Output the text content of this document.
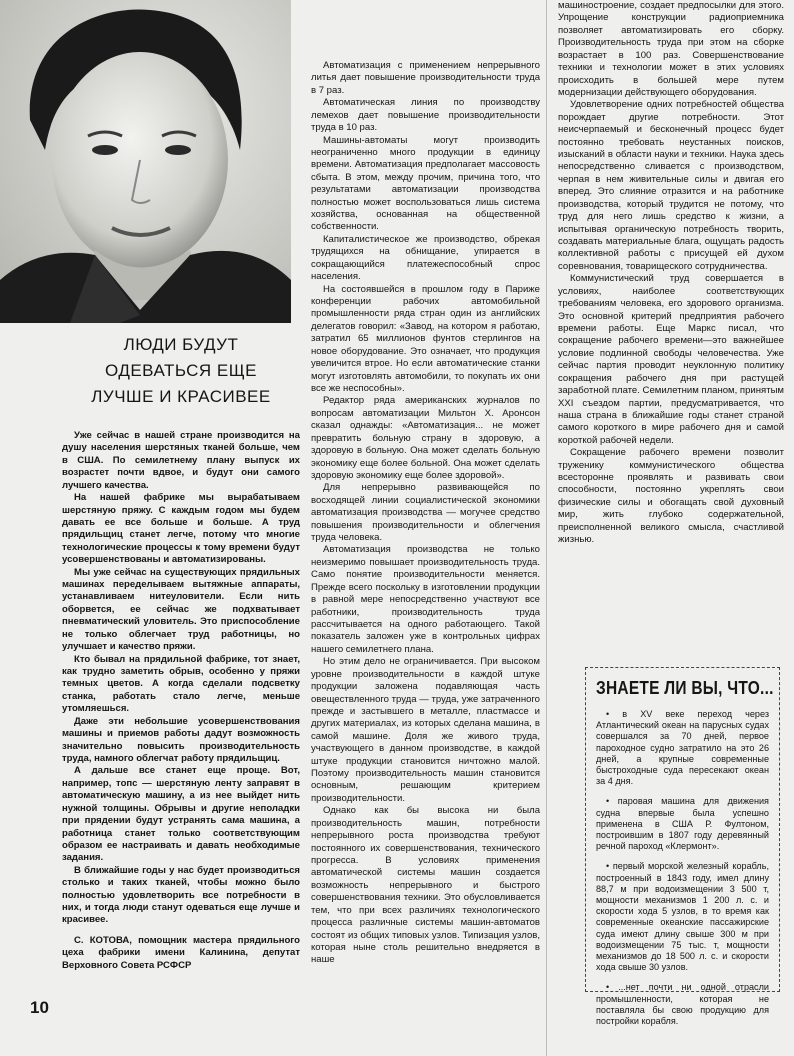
ЛЮДИ БУДУТ
ОДЕВАТЬСЯ ЕЩЕ
ЛУЧШЕ И КРАСИВЕЕ

Уже сейчас в нашей стране производится на душу населения шерстяных тканей больше, чем в США. По семилетнему плану выпуск их возрастет почти вдвое, и будут они самого лучшего качества.

На нашей фабрике мы вырабатываем шерстяную пряжу. С каждым годом мы будем давать ее все больше и больше. А труд прядильщиц станет легче, потому что многие технологические процессы к тому времени будут усовершенствованы и автоматизированы.

Мы уже сейчас на существующих прядильных машинах переделываем вытяжные аппараты, устанавливаем нитеуловители. Если нить оборвется, ее сейчас же подхватывает пневматический уловитель. Это приспособление не только облегчает труд работницы, но улучшает и качество пряжи.

Кто бывал на прядильной фабрике, тот знает, как трудно заметить обрыв, особенно у пряжи темных цветов. А когда сделали подсветку станка, работать стало легче, меньше утомляешься.

Даже эти небольшие усовершенствования машины и приемов работы дадут возможность значительно повысить производительность труда, намного облегчат работу прядильщиц.

А дальше все станет еще проще. Вот, например, топс — шерстяную ленту заправят в автоматическую машину, а из нее выйдет нить нужной толщины. Обрывы и другие неполадки при прядении будут устранять сама машина, а работница станет только соответствующим образом ее настраивать и давать необходимые задания.

В ближайшие годы у нас будет производиться столько и таких тканей, чтобы можно было полностью удовлетворить все потребности в них, и тогда люди станут одеваться еще лучше и красивее.

С. КОТОВА, помощник мастера прядильного цеха фабрики имени Калинина, депутат Верховного Совета РСФСР

Автоматизация с применением непрерывного литья дает повышение производительности труда в 7 раз.

Автоматическая линия по производству лемехов дает повышение производительности труда в 10 раз.

Машины-автоматы могут производить неограниченно много продукции в единицу времени. Автоматизация предполагает массовость сбыта. В этом, между прочим, причина того, что результатами автоматизации производства полностью может воспользоваться лишь система хозяйства, основанная на общественной собственности.

Капиталистическое же производство, обрекая трудящихся на обнищание, упирается в сокращающийся платежеспособный спрос населения.

На состоявшейся в прошлом году в Париже конференции рабочих автомобильной промышленности ряда стран один из английских делегатов говорил: «Завод, на котором я работаю, затратил 65 миллионов фунтов стерлингов на новое оборудование. Это означает, что продукция увеличится втрое. Но если автоматические станки могут изготовлять автомобили, то покупать их они все же неспособны».

Редактор ряда американских журналов по вопросам автоматизации Мильтон X. Аронсон сказал однажды: «Автоматизация... не может превратить больную страну в здоровую, а здоровую в больную. Она может сделать больную экономику еще более больной. Она может сделать здоровую экономику еще более здоровой».

Для непрерывно развивающейся по восходящей линии социалистической экономики автоматизация производства — могучее средство повышения производительности и облегчения труда человека.

Автоматизация производства не только неизмеримо повышает производительность труда. Само понятие производительности меняется. Прежде всего поскольку в изготовлении продукции в равной мере непосредственно участвуют все работники, производительность труда рассчитывается на одного работающего. Такой показатель заложен уже в контрольных цифрах нашего семилетнего плана.

Но этим дело не ограничивается. При высоком уровне производительности в каждой штуке продукции заложена подавляющая часть овеществленного труда — труда, уже затраченного прежде и застывшего в металле, пластмассе и других материалах, из которых сделана машина, в самой машине. Доля же живого труда, участвующего в данном производстве, в каждой штуке продукции становится ничтожно малой. Поэтому производительность машин становится основным, решающим критерием производительности.

Однако как бы высока ни была производительность машин, потребности непрерывного роста производства требуют постоянного их совершенствования, технического прогресса. В условиях применения автоматической системы машин создается возможность непрерывного и быстрого совершенствования техники. Это обусловливается тем, что при всех различиях технологического процесса различные системы машин-автоматов состоят из общих типовых узлов. Типизация узлов, которая ныне столь решительно внедряется в наше

машиностроение, создает предпосылки для этого. Упрощение конструкции радиоприемника позволяет автоматизировать его сборку. Производительность труда при этом на сборке возрастает в 100 раз. Совершенствование техники и технологии может в этих условиях происходить в большей мере путем модернизации действующего оборудования.

Удовлетворение одних потребностей общества порождает другие потребности. Этот неисчерпаемый и бесконечный процесс будет постоянно требовать неустанных поисков, изысканий в области науки и техники. Наука здесь непосредственно сливается с производством, черпая в нем живительные силы и двигая его вперед. Это слияние отразится и на работнике производства, который трудится не потому, что труд для него лишь средство к жизни, а испытывая органическую потребность творить, создавать материальные блага, ощущать радость коллективной работы с присущей ей духом соревнования, товарищеского сотрудничества.

Коммунистический труд совершается в условиях, наиболее соответствующих требованиям человека, его здорового организма. Это основной критерий предприятия рабочего времени работы. Еще Маркс писал, что сокращение рабочего времени—это важнейшее условие подлинной свободы человечества. Уже сейчас партия проводит неуклонную политику сокращения рабочего дня при растущей заработной плате. Семилетним планом, принятым XXI съездом партии, предусматривается, что наша страна в ближайшие годы станет страной самого короткого в мире рабочего дня и самой короткой рабочей недели.

Сокращение рабочего времени позволит труженику коммунистического общества всесторонне проявлять и развивать свои способности, постоянно укреплять свои физические силы и обогащать свой духовный мир, жить глубоко содержательной, преисполненной великого смысла, счастливой жизнью.

ЗНАЕТЕ ЛИ ВЫ, ЧТО...

• в XV веке переход через Атлантический океан на парусных судах совершался за 70 дней, первое пароходное судно затратило на это 26 дней, а крупные современные быстроходные суда пересекают океан за 4 дня.

• паровая машина для движения судна впервые была успешно применена в США Р. Фултоном, построившим в 1807 году деревянный речной пароход «Клермонт».

• первый морской железный корабль, построенный в 1843 году, имел длину 88,7 м при водоизмещении 3 500 т, мощности механизмов 1 200 л. с. и скорости хода 5 узлов, в то время как современные океанские пассажирские суда имеют длину свыше 300 м при водоизмещении 75 тыс. т, мощности механизмов до 18 500 л. с. и скорости хода свыше 30 узлов.

• ...нет почти ни одной отрасли промышленности, которая не поставляла бы свою продукцию для постройки корабля.

10
